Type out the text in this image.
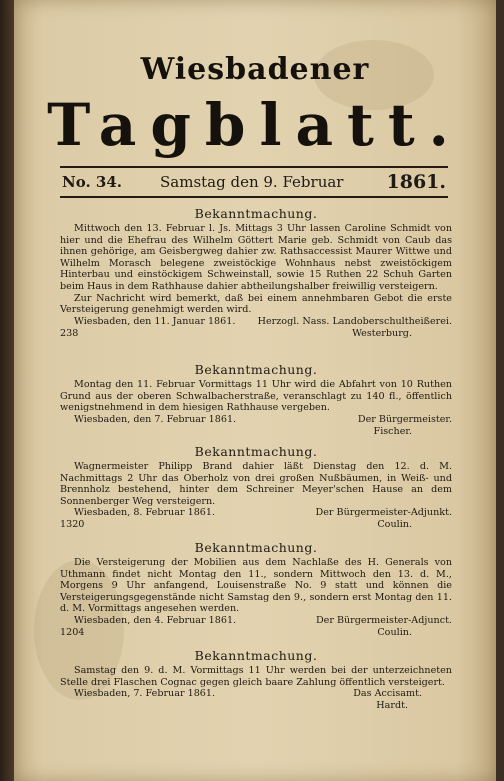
Wiesbadener
Tagblatt.
No. 34.	Samstag den 9. Februar 1861.
Bekanntmachung.

Mittwoch den 13. Februar l. Js. Mittags 3 Uhr lassen Caroline Schmidt von hier und die Ehefrau des Wilhelm Göttert Marie geb. Schmidt von Caub das ihnen gehörige, am Geisbergweg dahier zw. Rathsaccessist Maurer Wittwe und Wilhelm Morasch belegene zweistöckige Wohnhaus nebst zweistöckigem Hinterbau und einstöckigem Schweinstall, sowie 15 Ruthen 22 Schuh Garten beim Haus in dem Rathhause dahier abtheilungshalber freiwillig versteigern.

Zur Nachricht wird bemerkt, daß bei einem annehmbaren Gebot die erste Versteigerung genehmigt werden wird.

Wiesbaden, den 11. Januar 1861. Herzogl. Nass. Landoberschultheißerei.
238	Westerburg.
Bekanntmachung.

Montag den 11. Februar Vormittags 11 Uhr wird die Abfahrt von 10 Ruthen Grund aus der oberen Schwalbacherstraße, veranschlagt zu 140 fl., öffentlich wenigstnehmend in dem hiesigen Rathhause vergeben.

Wiesbaden, den 7. Februar 1861.	Der Bürgermeister.
Fischer.
Bekanntmachung.

Wagnermeister Philipp Brand dahier läßt Dienstag den 12. d. M. Nachmittags 2 Uhr das Oberholz von drei großen Nußbäumen, in Weiß- und Brennholz bestehend, hinter dem Schreiner Meyer'schen Hause an dem Sonnenberger Weg versteigern.

Wiesbaden, 8. Februar 1861.	Der Bürgermeister-Adjunkt.
1320	Coulin.
Bekanntmachung.

Die Versteigerung der Mobilien aus dem Nachlaße des H. Generals von Uthmann findet nicht Montag den 11., sondern Mittwoch den 13. d. M., Morgens 9 Uhr anfangend, Louisenstraße No. 9 statt und können die Versteigerungsgegenstände nicht Samstag den 9., sondern erst Montag den 11. d. M. Vormittags angesehen werden.

Wiesbaden, den 4. Februar 1861.	Der Bürgermeister-Adjunct.
1204	Coulin.
Bekanntmachung.

Samstag den 9. d. M. Vormittags 11 Uhr werden bei der unterzeichneten Stelle drei Flaschen Cognac gegen gleich baare Zahlung öffentlich versteigert.

Wiesbaden, 7. Februar 1861.	Das Accisamt.
Hardt.
